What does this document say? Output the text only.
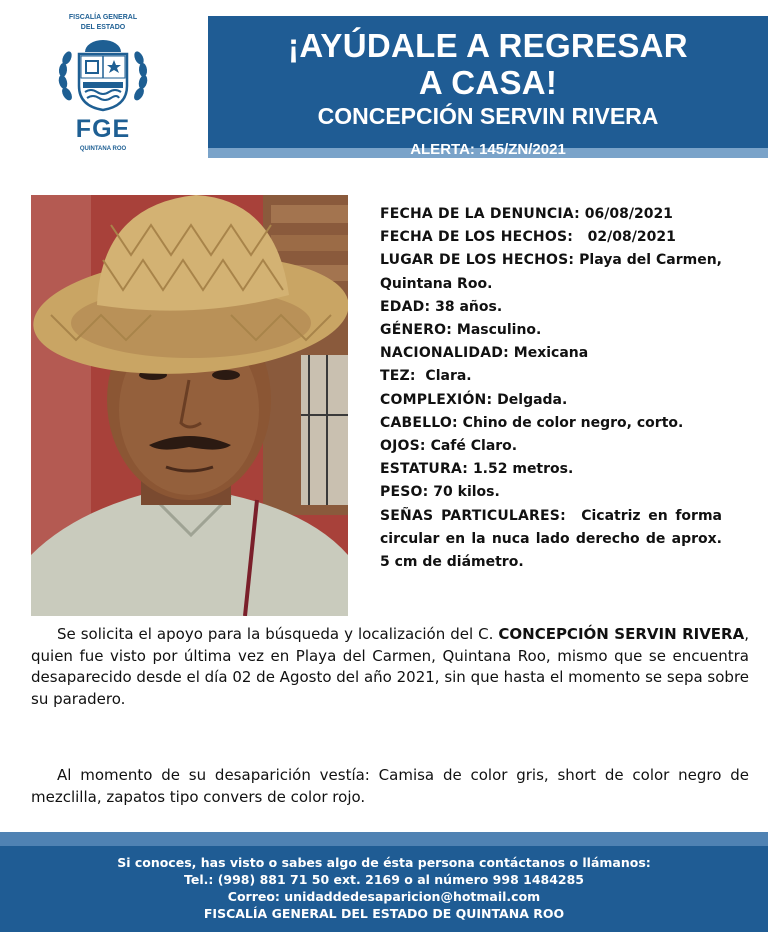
FISCALÍA GENERAL
DEL ESTADO
FGE
QUINTANA ROO
¡AYÚDALE A REGRESAR
A CASA!
CONCEPCIÓN SERVIN RIVERA
ALERTA: 145/ZN/2021

FECHA DE LA DENUNCIA: 06/08/2021

FECHA DE LOS HECHOS: 02/08/2021

LUGAR DE LOS HECHOS: Playa del Carmen, Quintana Roo.

EDAD: 38 años.

GÉNERO: Masculino.

NACIONALIDAD: Mexicana

TEZ: Clara.

COMPLEXIÓN: Delgada.

CABELLO: Chino de color negro, corto.

OJOS: Café Claro.

ESTATURA: 1.52 metros.

PESO: 70 kilos.

SEÑAS PARTICULARES: Cicatriz en forma circular en la nuca lado derecho de aprox. 5 cm de diámetro.

Se solicita el apoyo para la búsqueda y localización del C. CONCEPCIÓN SERVIN RIVERA, quien fue visto por última vez en Playa del Carmen, Quintana Roo, mismo que se encuentra desaparecido desde el día 02 de Agosto del año 2021, sin que hasta el momento se sepa sobre su paradero.

Al momento de su desaparición vestía: Camisa de color gris, short de color negro de mezclilla, zapatos tipo convers de color rojo.

Si conoces, has visto o sabes algo de ésta persona contáctanos o llámanos:
Tel.: (998) 881 71 50 ext. 2169 o al número 998 1484285
Correo: unidaddedesaparicion@hotmail.com
FISCALÍA GENERAL DEL ESTADO DE QUINTANA ROO
